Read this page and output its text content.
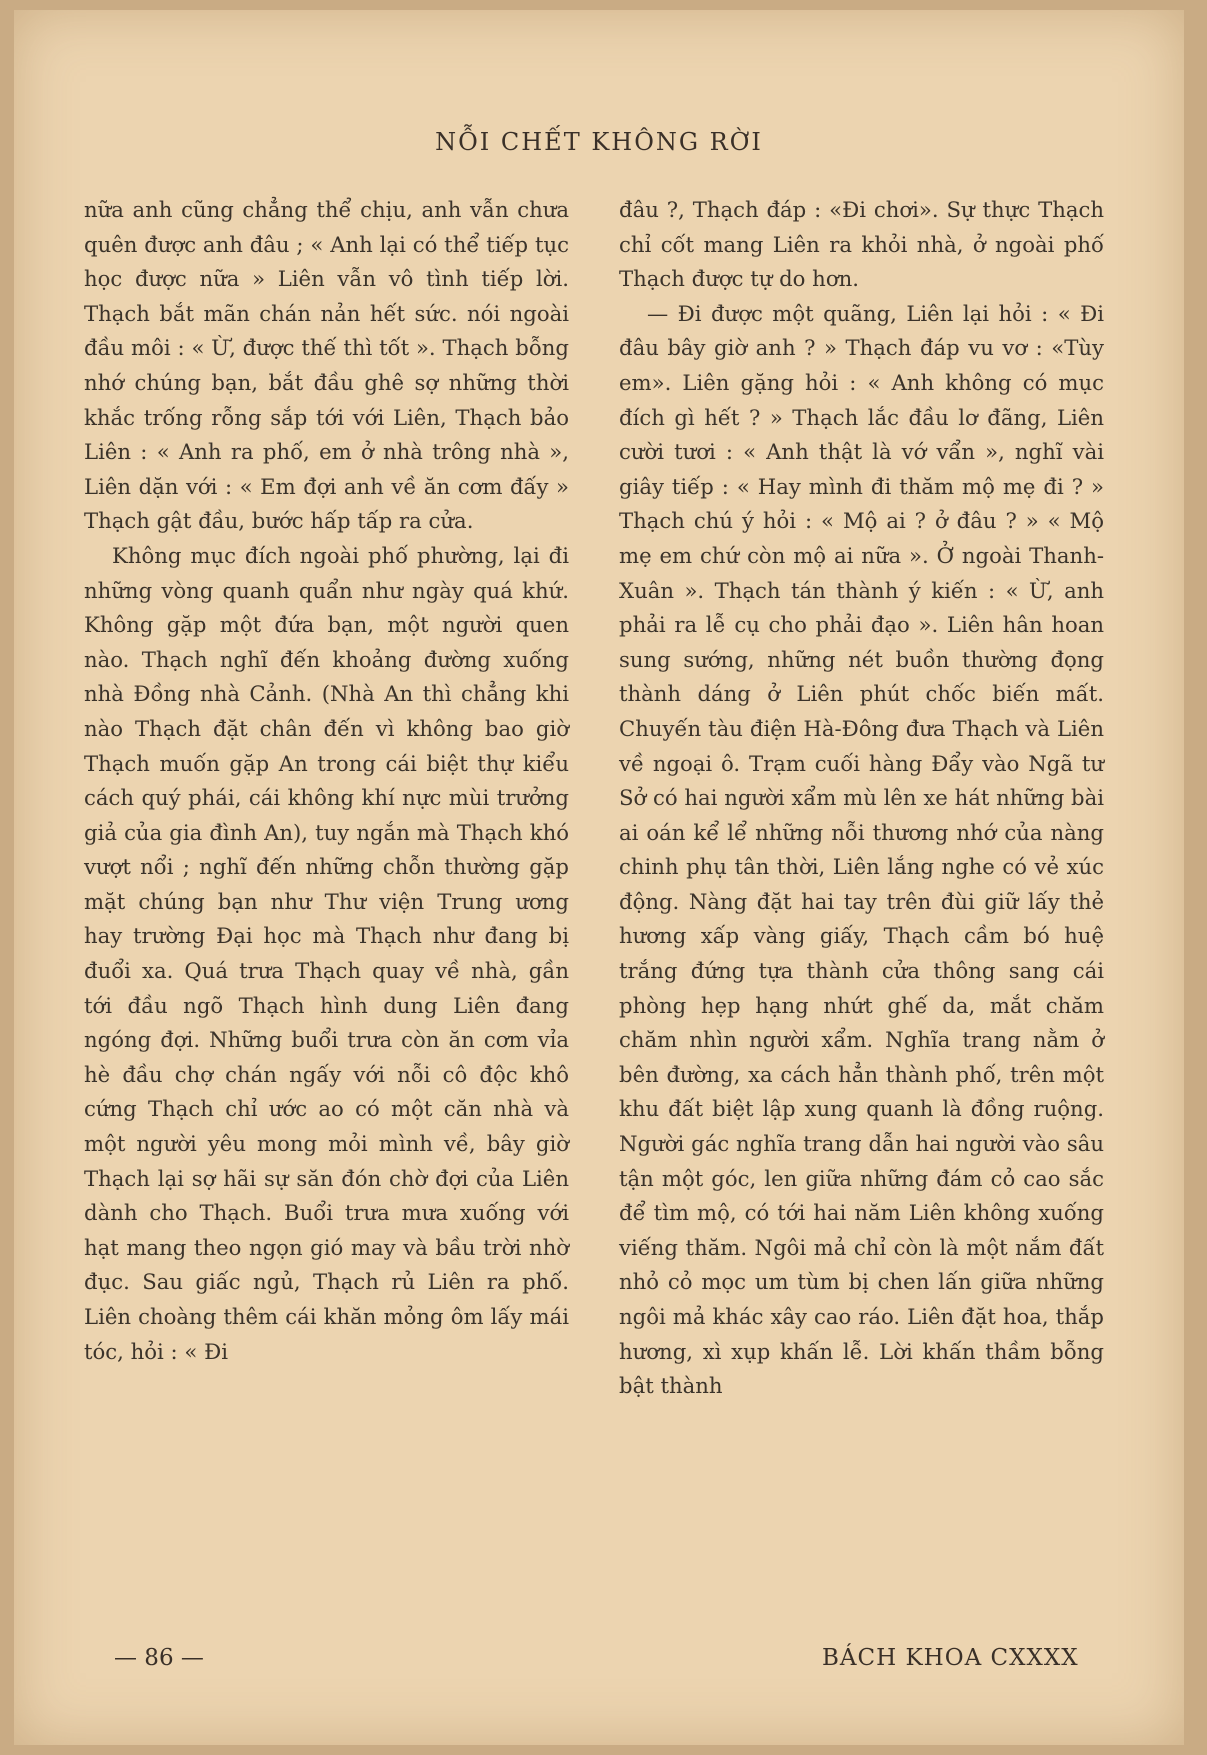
NỖI CHẾT KHÔNG RỜI

nữa anh cũng chẳng thể chịu, anh vẫn chưa quên được anh đâu ; « Anh lại có thể tiếp tục học được nữa » Liên vẫn vô tình tiếp lời. Thạch bắt mãn chán nản hết sức. nói ngoài đầu môi : « Ừ, được thế thì tốt ». Thạch bỗng nhớ chúng bạn, bắt đầu ghê sợ những thời khắc trống rỗng sắp tới với Liên, Thạch bảo Liên : « Anh ra phố, em ở nhà trông nhà », Liên dặn với : « Em đợi anh về ăn cơm đấy » Thạch gật đầu, bước hấp tấp ra cửa.

Không mục đích ngoài phố phường, lại đi những vòng quanh quẩn như ngày quá khứ. Không gặp một đứa bạn, một người quen nào. Thạch nghĩ đến khoảng đường xuống nhà Đồng nhà Cảnh. (Nhà An thì chẳng khi nào Thạch đặt chân đến vì không bao giờ Thạch muốn gặp An trong cái biệt thự kiểu cách quý phái, cái không khí nực mùi trưởng giả của gia đình An), tuy ngắn mà Thạch khó vượt nổi ; nghĩ đến những chỗn thường gặp mặt chúng bạn như Thư viện Trung ương hay trường Đại học mà Thạch như đang bị đuổi xa. Quá trưa Thạch quay về nhà, gần tới đầu ngõ Thạch hình dung Liên đang ngóng đợi. Những buổi trưa còn ăn cơm vỉa hè đầu chợ chán ngấy với nỗi cô độc khô cứng Thạch chỉ ước ao có một căn nhà và một người yêu mong mỏi mình về, bây giờ Thạch lại sợ hãi sự săn đón chờ đợi của Liên dành cho Thạch. Buổi trưa mưa xuống với hạt mang theo ngọn gió may và bầu trời nhờ đục. Sau giấc ngủ, Thạch rủ Liên ra phố. Liên choàng thêm cái khăn mỏng ôm lấy mái tóc, hỏi : « Đi

đâu ?, Thạch đáp : «Đi chơi». Sự thực Thạch chỉ cốt mang Liên ra khỏi nhà, ở ngoài phố Thạch được tự do hơn.

— Đi được một quãng, Liên lại hỏi : « Đi đâu bây giờ anh ? » Thạch đáp vu vơ : «Tùy em». Liên gặng hỏi : « Anh không có mục đích gì hết ? » Thạch lắc đầu lơ đãng, Liên cười tươi : « Anh thật là vớ vẩn », nghĩ vài giây tiếp : « Hay mình đi thăm mộ mẹ đi ? » Thạch chú ý hỏi : « Mộ ai ? ở đâu ? » « Mộ mẹ em chứ còn mộ ai nữa ». Ở ngoài Thanh-Xuân ». Thạch tán thành ý kiến : « Ừ, anh phải ra lễ cụ cho phải đạo ». Liên hân hoan sung sướng, những nét buồn thường đọng thành dáng ở Liên phút chốc biến mất. Chuyến tàu điện Hà-Đông đưa Thạch và Liên về ngoại ô. Trạm cuối hàng Đẩy vào Ngã tư Sở có hai người xẩm mù lên xe hát những bài ai oán kể lể những nỗi thương nhớ của nàng chinh phụ tân thời, Liên lắng nghe có vẻ xúc động. Nàng đặt hai tay trên đùi giữ lấy thẻ hương xấp vàng giấy, Thạch cầm bó huệ trắng đứng tựa thành cửa thông sang cái phòng hẹp hạng nhứt ghế da, mắt chăm chăm nhìn người xẩm. Nghĩa trang nằm ở bên đường, xa cách hẳn thành phố, trên một khu đất biệt lập xung quanh là đồng ruộng. Người gác nghĩa trang dẫn hai người vào sâu tận một góc, len giữa những đám cỏ cao sắc để tìm mộ, có tới hai năm Liên không xuống viếng thăm. Ngôi mả chỉ còn là một nắm đất nhỏ cỏ mọc um tùm bị chen lấn giữa những ngôi mả khác xây cao ráo. Liên đặt hoa, thắp hương, xì xụp khấn lễ. Lời khấn thầm bỗng bật thành

— 86 —	BÁCH KHOA CXXXX
